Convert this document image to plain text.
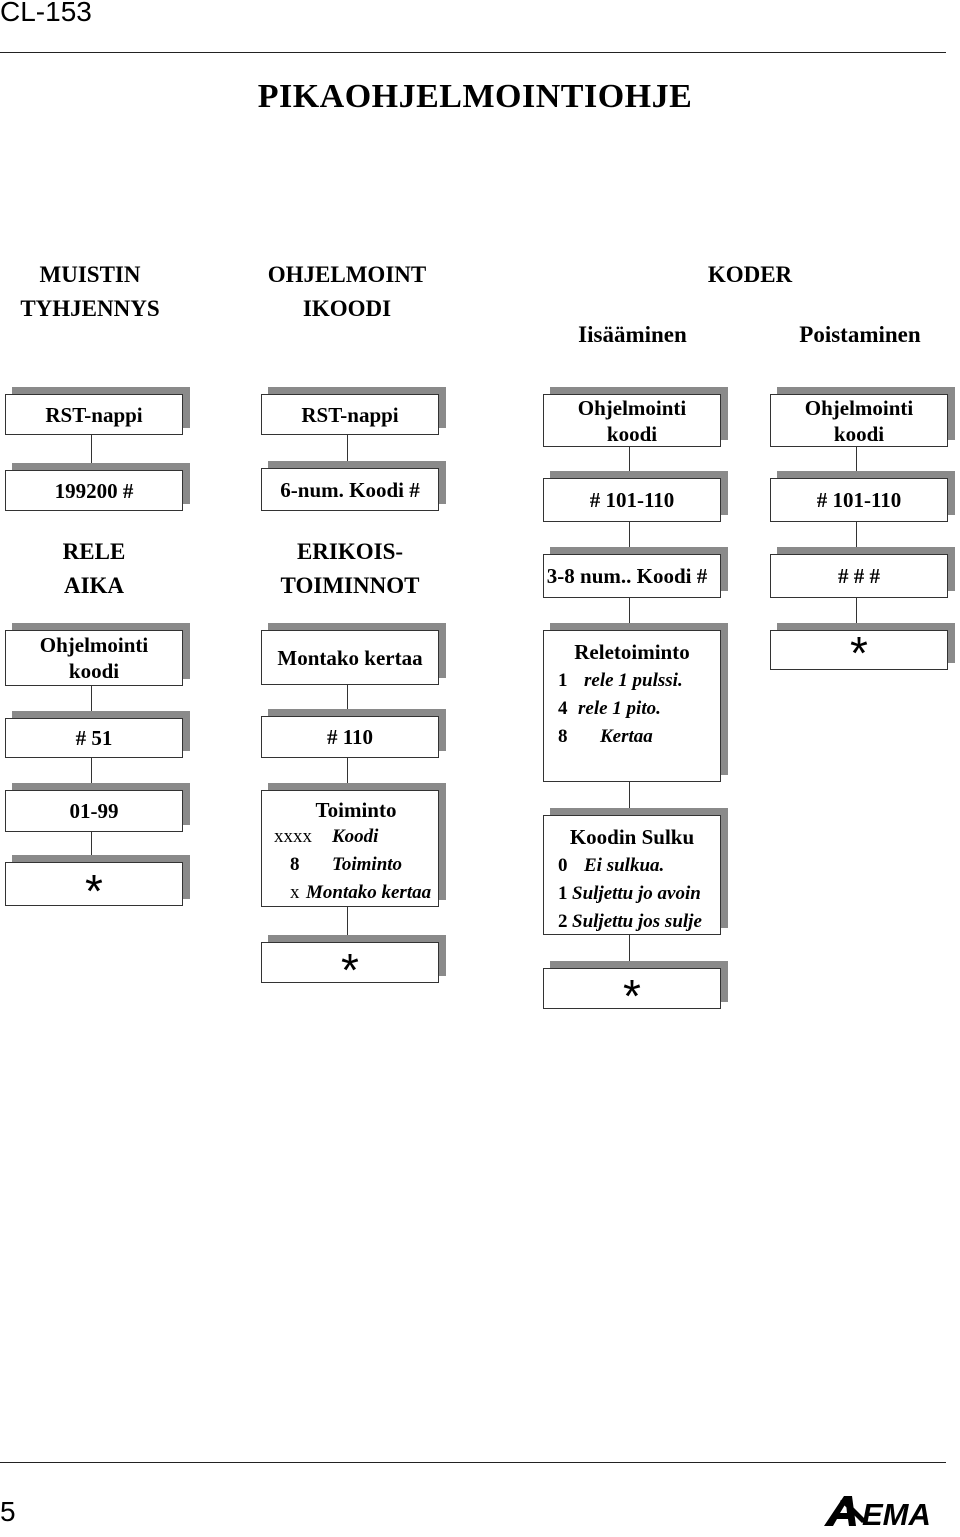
CL-153
PIKAOHJELMOINTIOHJE
MUISTIN
TYHJENNYS
OHJELMOINT
IKOODI
KODER
Iisääminen	Poistaminen
RST-nappi
199200 #
RELE
AIKA
Ohjelmointi
koodi
# 51
01-99
*
RST-nappi
6-num. Koodi #
ERIKOIS-
TOIMINNOT
Montako kertaa
# 110
Toiminto
xxxx	Koodi
8	Toiminto
x Montako kertaa
*
Ohjelmointi
koodi
# 101-110
3-8 num.. Koodi #
Reletoiminto
1 rele 1 pulssi.
4 rele 1 pito.
8	Kertaa
Koodin Sulku
0 Ei sulkua.
1 Suljettu jo avoin
2 Suljettu jos sulje
*
Ohjelmointi
koodi
# 101-110
# # #
*
5	EMA
